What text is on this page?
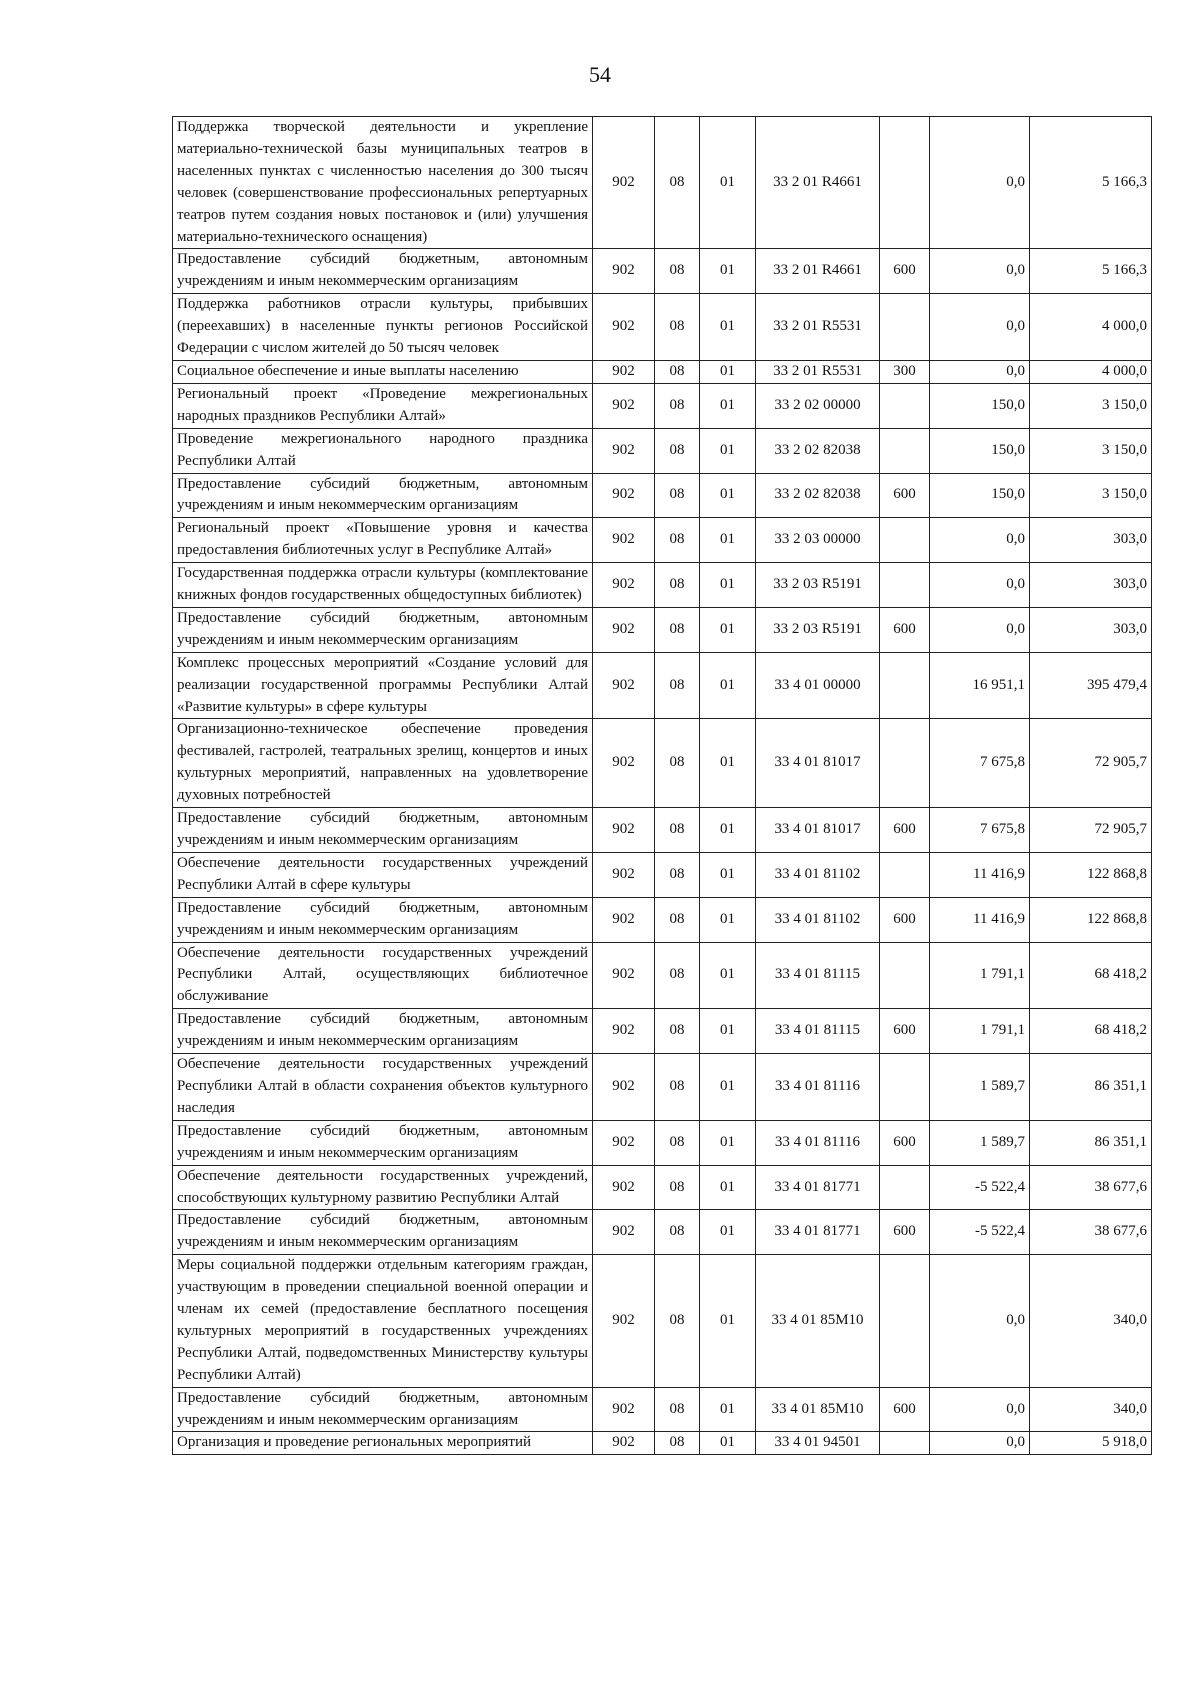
54
Поддержка творческой деятельности и укрепление материально-технической базы муниципальных театров в населенных пунктах с численностью населения до 300 тысяч человек (совершенствование профессиональных репертуарных театров путем создания новых постановок и (или) улучшения материально-технического оснащения)	902	08	01	33 2 01 R4661		0,0	5 166,3
Предоставление субсидий бюджетным, автономным учреждениям и иным некоммерческим организациям	902	08	01	33 2 01 R4661	600	0,0	5 166,3
Поддержка работников отрасли культуры, прибывших (переехавших) в населенные пункты регионов Российской Федерации с числом жителей до 50 тысяч человек	902	08	01	33 2 01 R5531		0,0	4 000,0
Социальное обеспечение и иные выплаты населению	902	08	01	33 2 01 R5531	300	0,0	4 000,0
Региональный проект «Проведение межрегиональных народных праздников Республики Алтай»	902	08	01	33 2 02 00000		150,0	3 150,0
Проведение межрегионального народного праздника Республики Алтай	902	08	01	33 2 02 82038		150,0	3 150,0
Предоставление субсидий бюджетным, автономным учреждениям и иным некоммерческим организациям	902	08	01	33 2 02 82038	600	150,0	3 150,0
Региональный проект «Повышение уровня и качества предоставления библиотечных услуг в Республике Алтай»	902	08	01	33 2 03 00000		0,0	303,0
Государственная поддержка отрасли культуры (комплектование книжных фондов государственных общедоступных библиотек)	902	08	01	33 2 03 R5191		0,0	303,0
Предоставление субсидий бюджетным, автономным учреждениям и иным некоммерческим организациям	902	08	01	33 2 03 R5191	600	0,0	303,0
Комплекс процессных мероприятий «Создание условий для реализации государственной программы Республики Алтай «Развитие культуры» в сфере культуры	902	08	01	33 4 01 00000		16 951,1	395 479,4
Организационно-техническое обеспечение проведения фестивалей, гастролей, театральных зрелищ, концертов и иных культурных мероприятий, направленных на удовлетворение духовных потребностей	902	08	01	33 4 01 81017		7 675,8	72 905,7
Предоставление субсидий бюджетным, автономным учреждениям и иным некоммерческим организациям	902	08	01	33 4 01 81017	600	7 675,8	72 905,7
Обеспечение деятельности государственных учреждений Республики Алтай в сфере культуры	902	08	01	33 4 01 81102		11 416,9	122 868,8
Предоставление субсидий бюджетным, автономным учреждениям и иным некоммерческим организациям	902	08	01	33 4 01 81102	600	11 416,9	122 868,8
Обеспечение деятельности государственных учреждений Республики Алтай, осуществляющих библиотечное обслуживание	902	08	01	33 4 01 81115		1 791,1	68 418,2
Предоставление субсидий бюджетным, автономным учреждениям и иным некоммерческим организациям	902	08	01	33 4 01 81115	600	1 791,1	68 418,2
Обеспечение деятельности государственных учреждений Республики Алтай в области сохранения объектов культурного наследия	902	08	01	33 4 01 81116		1 589,7	86 351,1
Предоставление субсидий бюджетным, автономным учреждениям и иным некоммерческим организациям	902	08	01	33 4 01 81116	600	1 589,7	86 351,1
Обеспечение деятельности государственных учреждений, способствующих культурному развитию Республики Алтай	902	08	01	33 4 01 81771		-5 522,4	38 677,6
Предоставление субсидий бюджетным, автономным учреждениям и иным некоммерческим организациям	902	08	01	33 4 01 81771	600	-5 522,4	38 677,6
Меры социальной поддержки отдельным категориям граждан, участвующим в проведении специальной военной операции и членам их семей (предоставление бесплатного посещения культурных мероприятий в государственных учреждениях Республики Алтай, подведомственных Министерству культуры Республики Алтай)	902	08	01	33 4 01 85М10		0,0	340,0
Предоставление субсидий бюджетным, автономным учреждениям и иным некоммерческим организациям	902	08	01	33 4 01 85М10	600	0,0	340,0
Организация и проведение региональных мероприятий	902	08	01	33 4 01 94501		0,0	5 918,0
